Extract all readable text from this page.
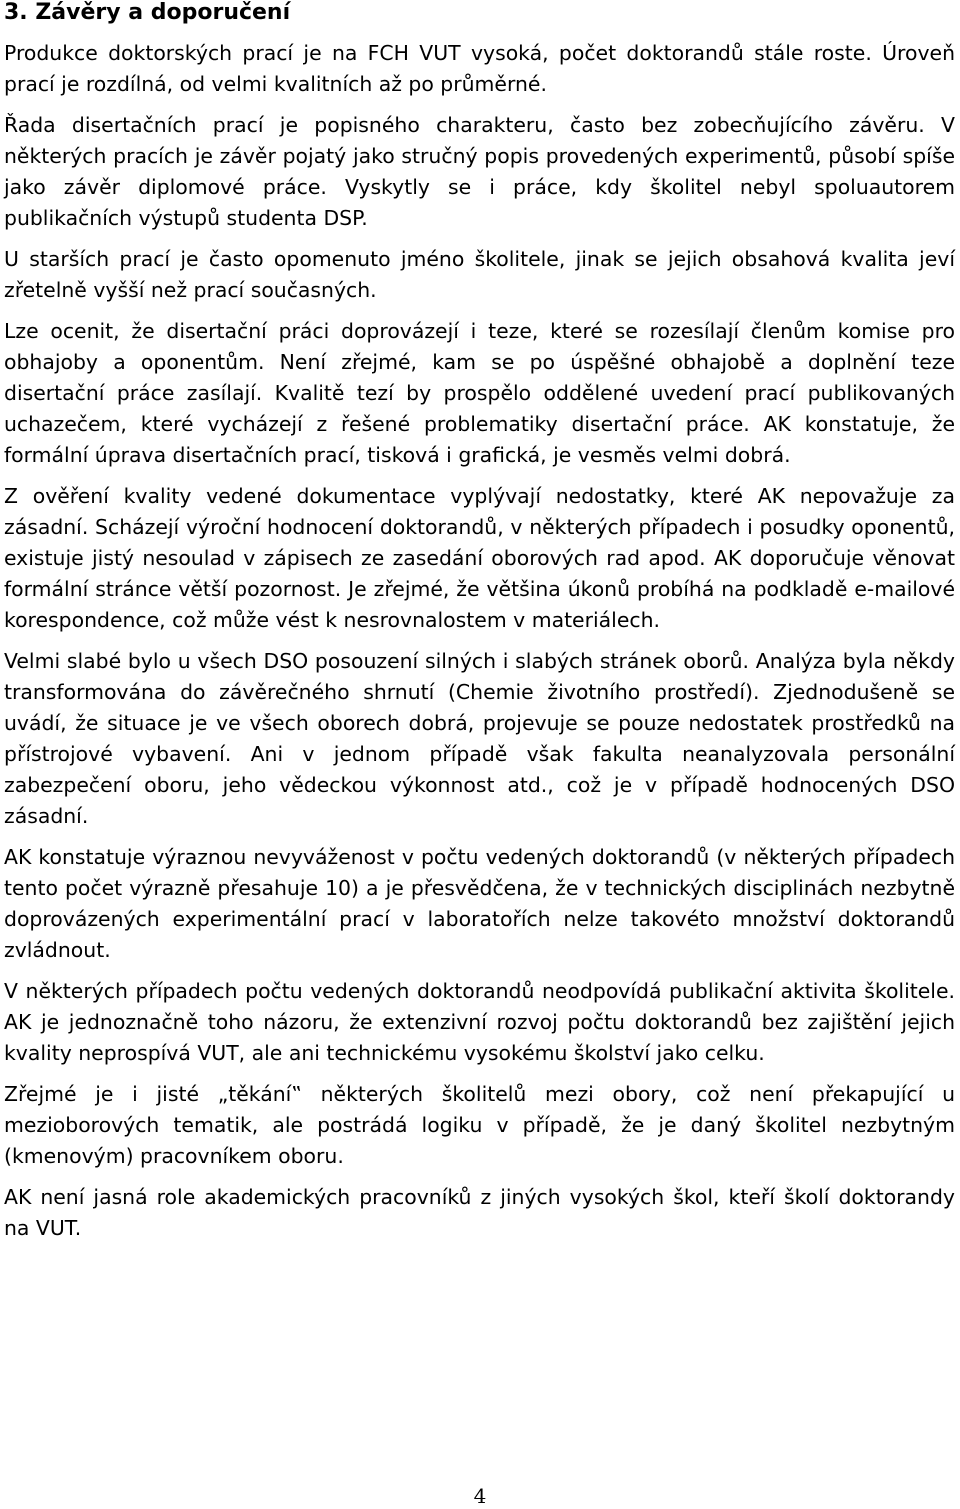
3. Závěry a doporučení

Produkce doktorských prací je na FCH VUT vysoká, počet doktorandů stále roste. Úroveň prací je rozdílná, od velmi kvalitních až po průměrné.

Řada disertačních prací je popisného charakteru, často bez zobecňujícího závěru. V některých pracích je závěr pojatý jako stručný popis provedených experimentů, působí spíše jako závěr diplomové práce. Vyskytly se i práce, kdy školitel nebyl spoluautorem publikačních výstupů studenta DSP.

U starších prací je často opomenuto jméno školitele, jinak se jejich obsahová kvalita jeví zřetelně vyšší než prací současných.

Lze ocenit, že disertační práci doprovázejí i teze, které se rozesílají členům komise pro obhajoby a oponentům. Není zřejmé, kam se po úspěšné obhajobě a doplnění teze disertační práce zasílají. Kvalitě tezí by prospělo oddělené uvedení prací publikovaných uchazečem, které vycházejí z řešené problematiky disertační práce. AK konstatuje, že formální úprava disertačních prací, tisková i grafická, je vesměs velmi dobrá.

Z ověření kvality vedené dokumentace vyplývají nedostatky, které AK nepovažuje za zásadní. Scházejí výroční hodnocení doktorandů, v některých případech i posudky oponentů, existuje jistý nesoulad v zápisech ze zasedání oborových rad apod. AK doporučuje věnovat formální stránce větší pozornost. Je zřejmé, že většina úkonů probíhá na podkladě e-mailové korespondence, což může vést k nesrovnalostem v materiálech.

Velmi slabé bylo u všech DSO posouzení silných i slabých stránek oborů. Analýza byla někdy transformována do závěrečného shrnutí (Chemie životního prostředí). Zjednodušeně se uvádí, že situace je ve všech oborech dobrá, projevuje se pouze nedostatek prostředků na přístrojové vybavení. Ani v jednom případě však fakulta neanalyzovala personální zabezpečení oboru, jeho vědeckou výkonnost atd., což je v případě hodnocených DSO zásadní.

AK konstatuje výraznou nevyváženost v počtu vedených doktorandů (v některých případech tento počet výrazně přesahuje 10) a je přesvědčena, že v technických disciplinách nezbytně doprovázených experimentální prací v laboratořích nelze takovéto množství doktorandů zvládnout.

V některých případech počtu vedených doktorandů neodpovídá publikační aktivita školitele. AK je jednoznačně toho názoru, že extenzivní rozvoj počtu doktorandů bez zajištění jejich kvality neprospívá VUT, ale ani technickému vysokému školství jako celku.

Zřejmé je i jisté „těkání‟ některých školitelů mezi obory, což není překapující u mezioborových tematik, ale postrádá logiku v případě, že je daný školitel nezbytným (kmenovým) pracovníkem oboru.

AK není jasná role akademických pracovníků z jiných vysokých škol, kteří školí doktorandy na VUT.

4
